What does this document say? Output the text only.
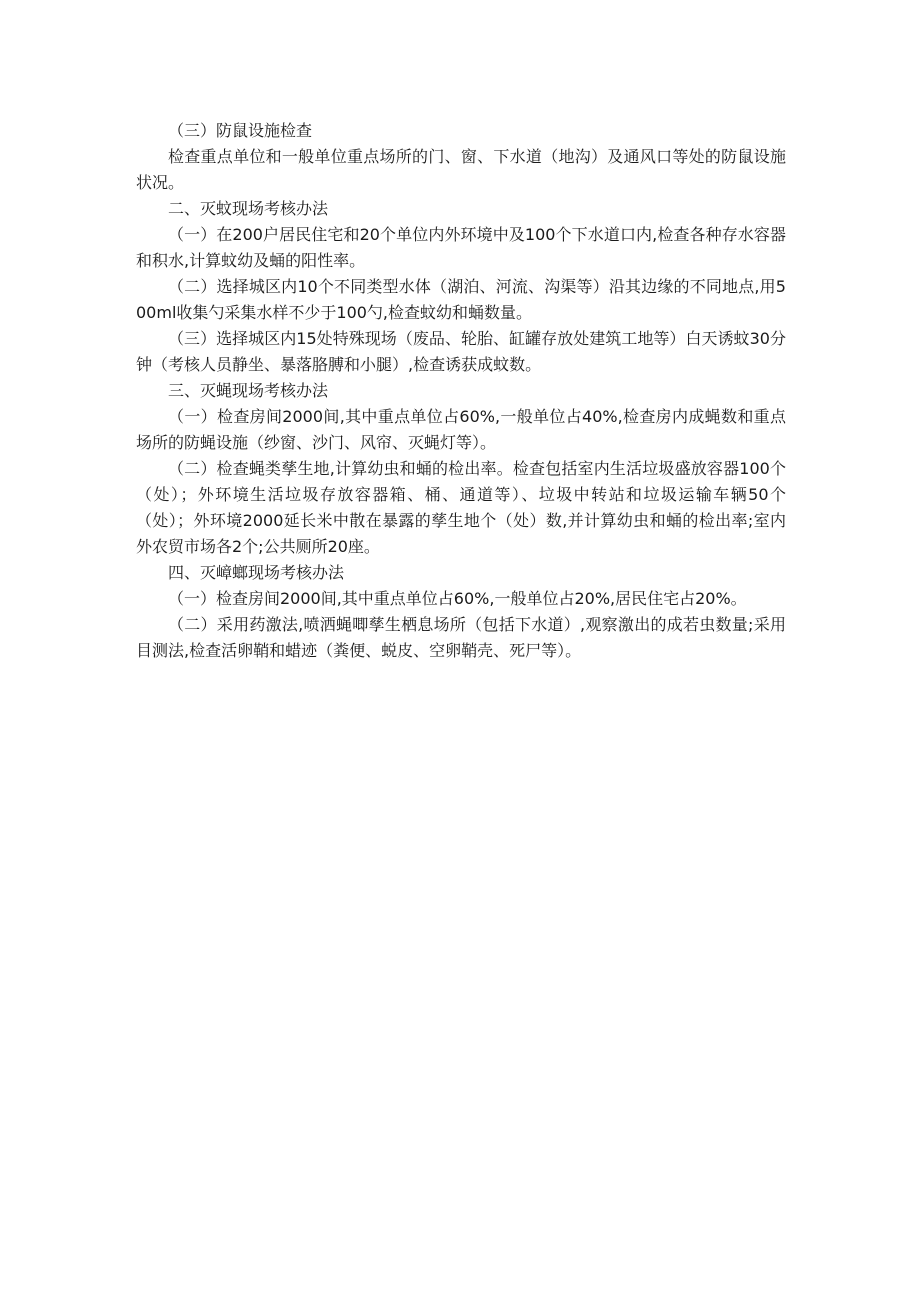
（三）防鼠设施检查

检查重点单位和一般单位重点场所的门、窗、下水道（地沟）及通风口等处的防鼠设施状况。

二、灭蚊现场考核办法

（一）在200户居民住宅和20个单位内外环境中及100个下水道口内,检查各种存水容器和积水,计算蚊幼及蛹的阳性率。

（二）选择城区内10个不同类型水体（湖泊、河流、沟渠等）沿其边缘的不同地点,用500ml收集勺采集水样不少于100勺,检查蚊幼和蛹数量。

（三）选择城区内15处特殊现场（废品、轮胎、缸罐存放处建筑工地等）白天诱蚊30分钟（考核人员静坐、暴落胳膊和小腿）,检查诱获成蚊数。

三、灭蝇现场考核办法

（一）检查房间2000间,其中重点单位占60%,一般单位占40%,检查房内成蝇数和重点场所的防蝇设施（纱窗、沙门、风帘、灭蝇灯等）。

（二）检查蝇类孳生地,计算幼虫和蛹的检出率。检查包括室内生活垃圾盛放容器100个（处）；外环境生活垃圾存放容器箱、桶、通道等）、垃圾中转站和垃圾运输车辆50个（处）；外环境2000延长米中散在暴露的孳生地个（处）数,并计算幼虫和蛹的检出率;室内外农贸市场各2个;公共厕所20座。

四、灭嶂螂现场考核办法

（一）检查房间2000间,其中重点单位占60%,一般单位占20%,居民住宅占20%。

（二）采用药激法,喷洒蝇唧孳生栖息场所（包括下水道）,观察激出的成若虫数量;采用目测法,检查活卵鞘和蜡迹（粪便、蜕皮、空卵鞘壳、死尸等）。
